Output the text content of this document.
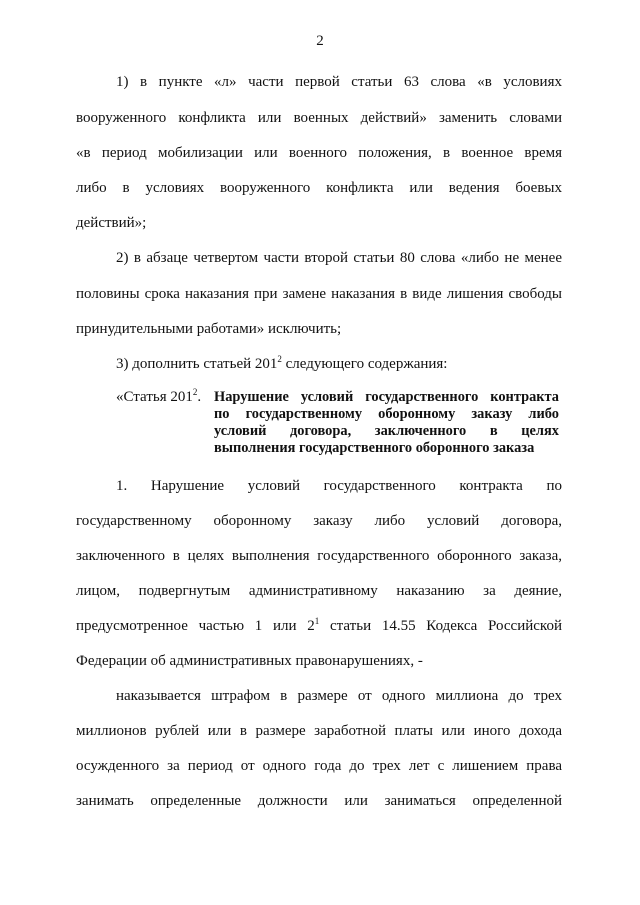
2
1) в пункте «л» части первой статьи 63 слова «в условиях
вооруженного конфликта или военных действий» заменить словами
«в период мобилизации или военного положения, в военное время
либо в условиях вооруженного конфликта или ведения боевых
действий»;
2) в абзаце четвертом части второй статьи 80 слова «либо не менее
половины срока наказания при замене наказания в виде лишения свободы
принудительными работами» исключить;
3) дополнить статьей $201^2$ следующего содержания:
«Статья $201^2$. Нарушение условий государственного контракта
по государственному оборонному заказу либо
условий договора, заключенного в целях
выполнения государственного оборонного заказа
1. Нарушение условий государственного контракта по
государственному оборонному заказу либо условий договора,
заключенного в целях выполнения государственного оборонного заказа,
лицом, подвергнутым административному наказанию за деяние,
предусмотренное частью 1 или $2^1$ статьи 14.55 Кодекса Российской
Федерации об административных правонарушениях, -
наказывается штрафом в размере от одного миллиона до трех
миллионов рублей или в размере заработной платы или иного дохода
осужденного за период от одного года до трех лет с лишением права
занимать определенные должности или заниматься определенной
